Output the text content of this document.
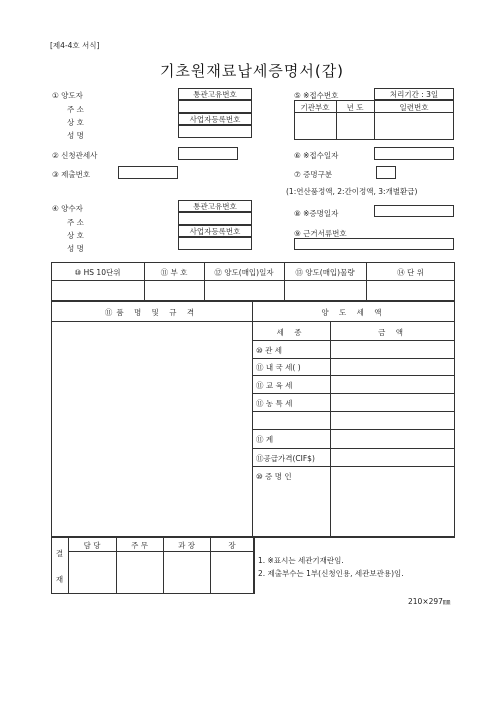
[제4-4호 서식]
기초원재료납세증명서(갑)
① 양도자
주 소
상 호
성 명
통관고유번호
사업자등록번호
⑤ ※접수번호	처리기간 : 3일
기관부호	년 도	일련번호
② 신청관세사	⑥ ※접수일자
③ 제출번호	⑦ 증명구분
(1:연산품정액, 2:간이정액, 3:개별환급)
④ 양수자
주 소
상 호
성 명
통관고유번호
사업자등록번호
⑧ ※증명일자
⑨ 근거서류번호
⑩ HS 10단위	⑪ 부 호	⑫ 양도(매입)일자	⑬ 양도(매입)물량	⑭ 단 위
⑪품 명 및 규 격	양 도 세 액
세 종	금 액
⑩ 관 세
⑪ 내 국 세( )
⑪ 교 육 세
⑪ 농 특 세
⑪ 계
⑪공급가격(CIF$)
⑩ 증 명 인
결
재
담 당	주 무	과 장	장
1. ※표시는 세관기재란임.
2. 제출부수는 1부(신청인용, 세관보관용)임.
210×297㎜
